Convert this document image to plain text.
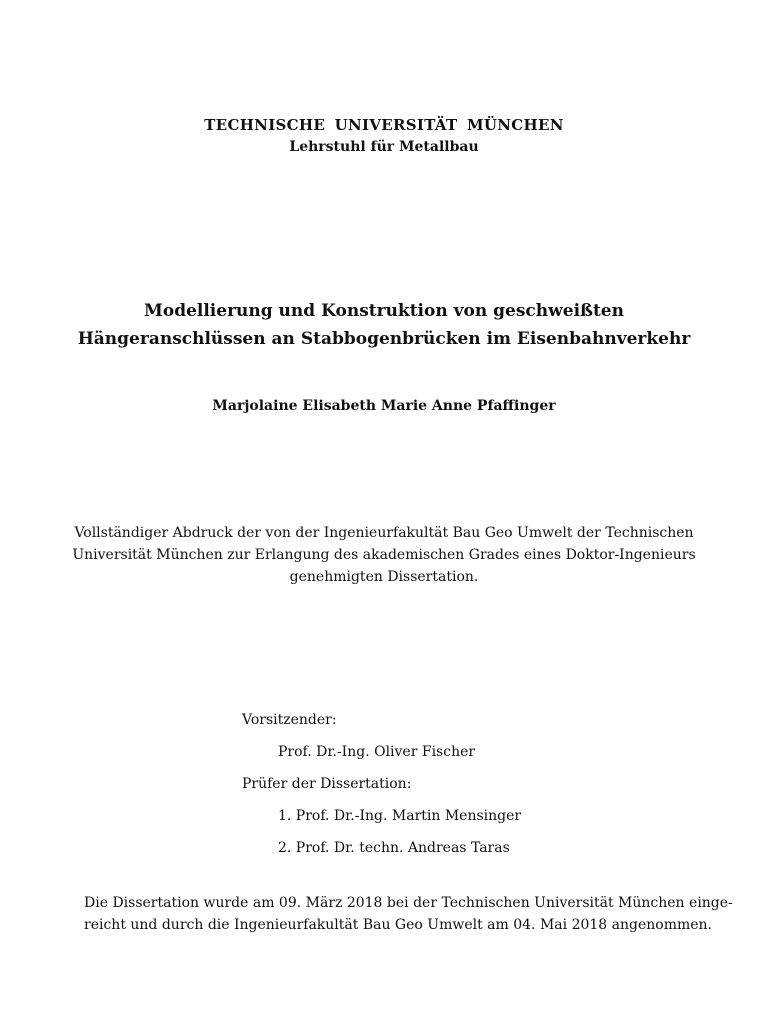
TECHNISCHE UNIVERSITÄT MÜNCHEN
Lehrstuhl für Metallbau
Modellierung und Konstruktion von geschweißten
Hängeranschlüssen an Stabbogenbrücken im Eisenbahnverkehr
Marjolaine Elisabeth Marie Anne Pfaffinger
Vollständiger Abdruck der von der Ingenieurfakultät Bau Geo Umwelt der Technischen
Universität München zur Erlangung des akademischen Grades eines Doktor-Ingenieurs
genehmigten Dissertation.
Vorsitzender:
Prof. Dr.-Ing. Oliver Fischer
Prüfer der Dissertation:
1. Prof. Dr.-Ing. Martin Mensinger
2. Prof. Dr. techn. Andreas Taras
Die Dissertation wurde am 09. März 2018 bei der Technischen Universität München einge-
reicht und durch die Ingenieurfakultät Bau Geo Umwelt am 04. Mai 2018 angenommen.
